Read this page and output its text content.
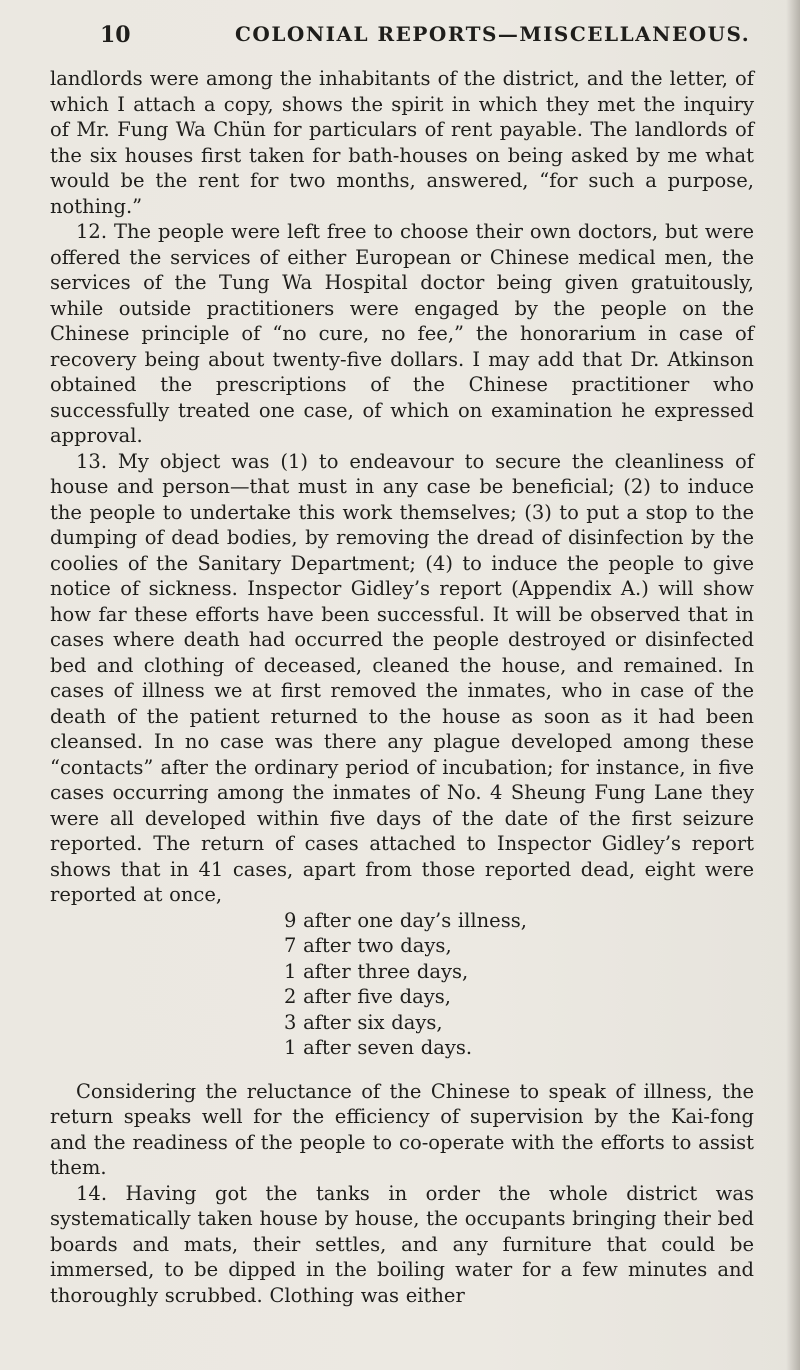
10	COLONIAL REPORTS—MISCELLANEOUS.

landlords were among the inhabitants of the district, and the letter, of which I attach a copy, shows the spirit in which they met the inquiry of Mr. Fung Wa Chün for particulars of rent payable. The landlords of the six houses first taken for bath-houses on being asked by me what would be the rent for two months, answered, “for such a purpose, nothing.”

12. The people were left free to choose their own doctors, but were offered the services of either European or Chinese medical men, the services of the Tung Wa Hospital doctor being given gratuitously, while outside practitioners were engaged by the people on the Chinese principle of “no cure, no fee,” the honorarium in case of recovery being about twenty-five dollars. I may add that Dr. Atkinson obtained the prescriptions of the Chinese practitioner who successfully treated one case, of which on examination he expressed approval.

13. My object was (1) to endeavour to secure the cleanliness of house and person—that must in any case be beneficial; (2) to induce the people to undertake this work themselves; (3) to put a stop to the dumping of dead bodies, by removing the dread of disinfection by the coolies of the Sanitary Department; (4) to induce the people to give notice of sickness. Inspector Gidley’s report (Appendix A.) will show how far these efforts have been successful. It will be observed that in cases where death had occurred the people destroyed or disinfected bed and clothing of deceased, cleaned the house, and remained. In cases of illness we at first removed the inmates, who in case of the death of the patient returned to the house as soon as it had been cleansed. In no case was there any plague developed among these “contacts” after the ordinary period of incubation; for instance, in five cases occurring among the inmates of No. 4 Sheung Fung Lane they were all developed within five days of the date of the first seizure reported. The return of cases attached to Inspector Gidley’s report shows that in 41 cases, apart from those reported dead, eight were reported at once,

9 after one day’s illness,
7 after two days,
1 after three days,
2 after five days,
3 after six days,
1 after seven days.

Considering the reluctance of the Chinese to speak of illness, the return speaks well for the efficiency of supervision by the Kai-fong and the readiness of the people to co-operate with the efforts to assist them.

14. Having got the tanks in order the whole district was systematically taken house by house, the occupants bringing their bed boards and mats, their settles, and any furniture that could be immersed, to be dipped in the boiling water for a few minutes and thoroughly scrubbed. Clothing was either
